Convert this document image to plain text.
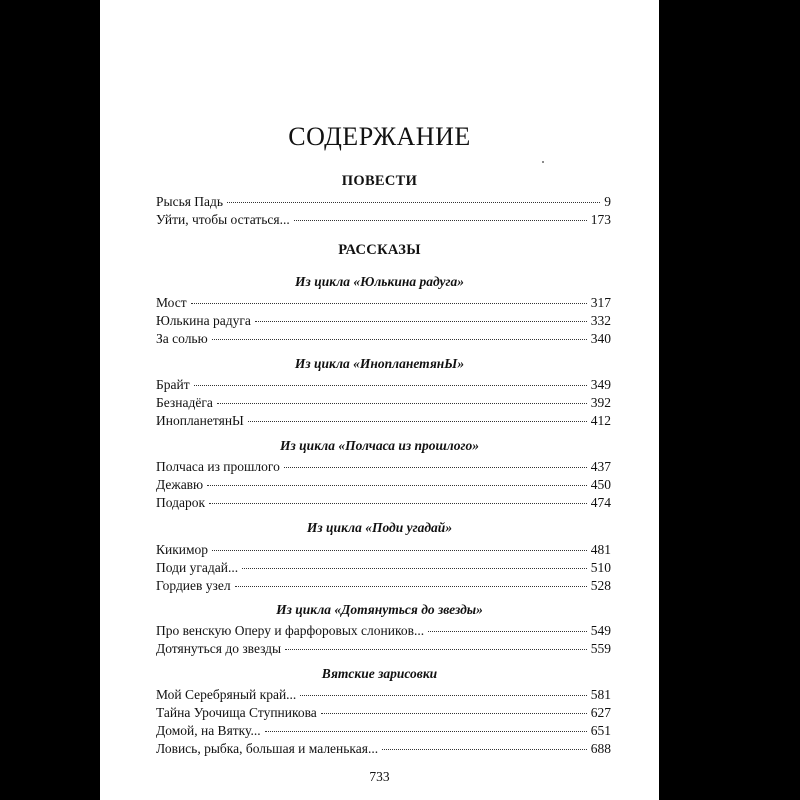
СОДЕРЖАНИЕ
ПОВЕСТИ
Рысья Падь	9
Уйти, чтобы остаться...	173
РАССКАЗЫ
Из цикла «Юлькина радуга»
Мост	317
Юлькина радуга	332
За солью	340
Из цикла «ИнопланетянЫ»
Брайт	349
Безнадёга	392
ИнопланетянЫ	412
Из цикла «Полчаса из прошлого»
Полчаса из прошлого	437
Дежавю	450
Подарок	474
Из цикла «Поди угадай»
Кикимор	481
Поди угадай...	510
Гордиев узел	528
Из цикла «Дотянуться до звезды»
Про венскую Оперу и фарфоровых слоников...	549
Дотянуться до звезды	559
Вятские зарисовки
Мой Серебряный край...	581
Тайна Урочища Ступникова	627
Домой, на Вятку...	651
Ловись, рыбка, большая и маленькая...	688
733
